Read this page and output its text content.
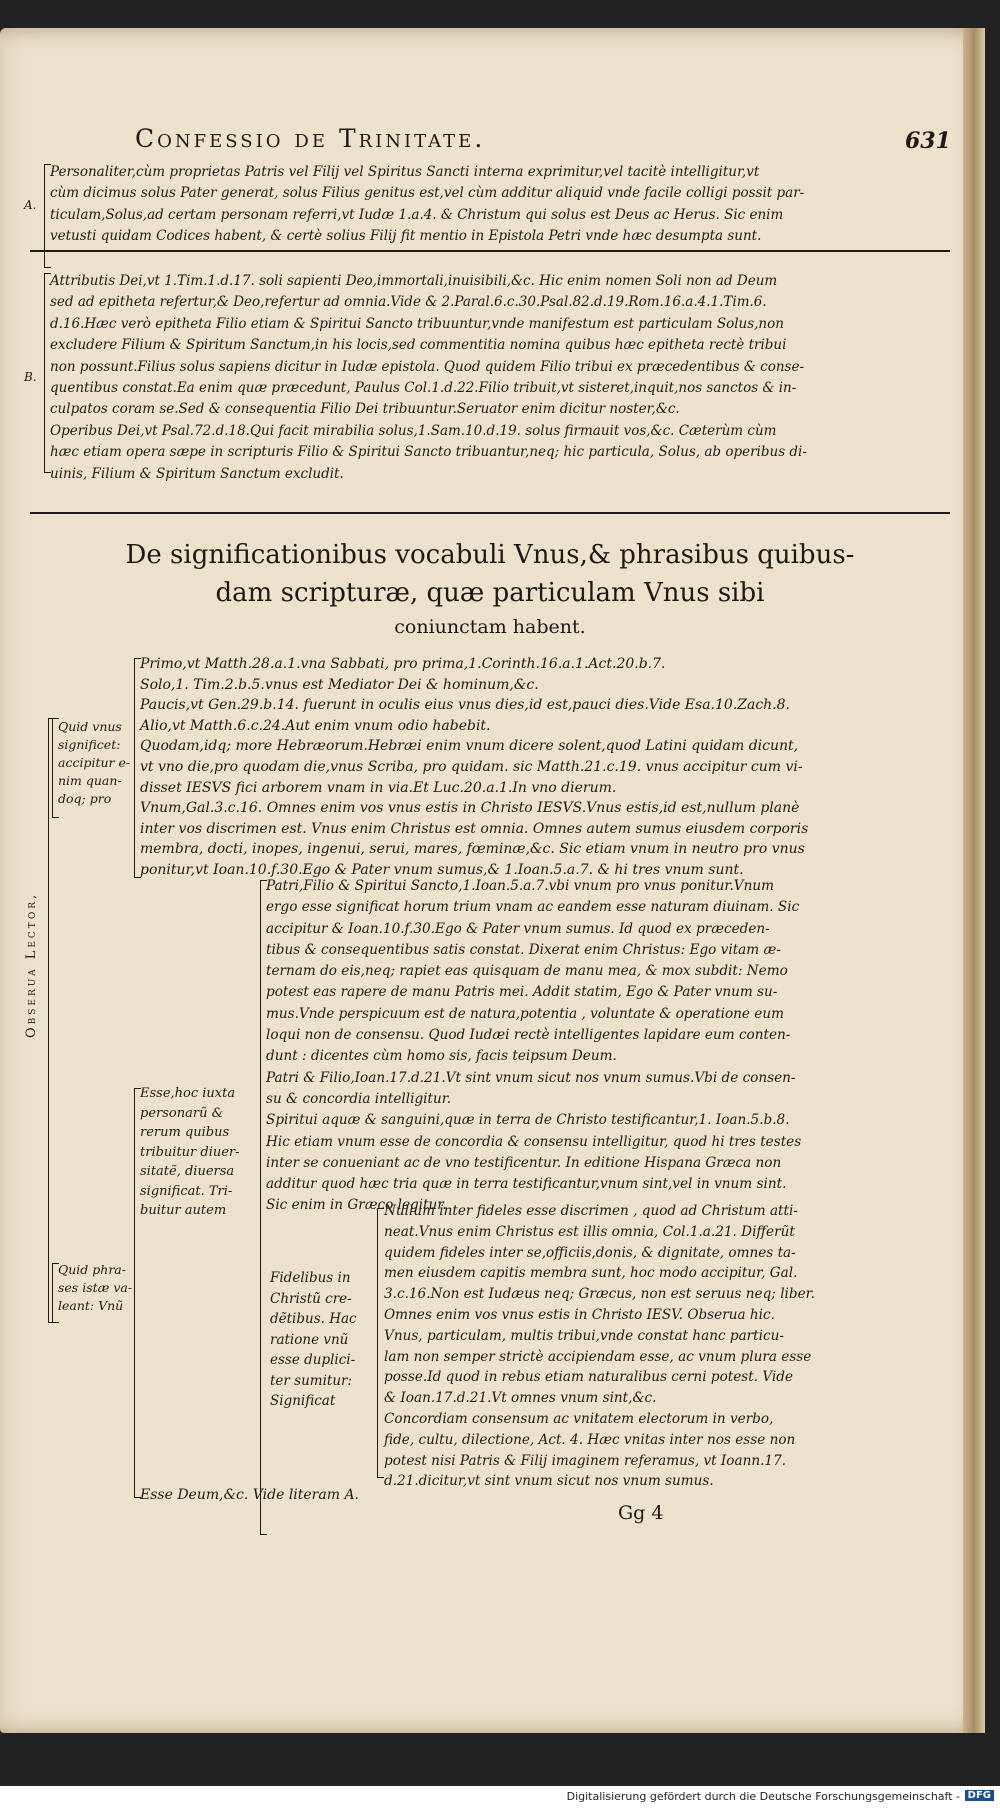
Confessio de Trinitate.	631
A.
Personaliter,cùm proprietas Patris vel Filij vel Spiritus Sancti interna exprimitur,vel tacitè intelligitur,vt
cùm dicimus solus Pater generat, solus Filius genitus est,vel cùm additur aliquid vnde facile colligi possit par-
ticulam,Solus,ad certam personam referri,vt Iudæ 1.a.4. & Christum qui solus est Deus ac Herus. Sic enim
vetusti quidam Codices habent, & certè solius Filij fit mentio in Epistola Petri vnde hæc desumpta sunt.
B.
Attributis Dei,vt 1.Tim.1.d.17. soli sapienti Deo,immortali,inuisibili,&c. Hic enim nomen Soli non ad Deum
sed ad epitheta refertur,& Deo,refertur ad omnia.Vide & 2.Paral.6.c.30.Psal.82.d.19.Rom.16.a.4.1.Tim.6.
d.16.Hæc verò epitheta Filio etiam & Spiritui Sancto tribuuntur,vnde manifestum est particulam Solus,non
excludere Filium & Spiritum Sanctum,in his locis,sed commentitia nomina quibus hæc epitheta rectè tribui
non possunt.Filius solus sapiens dicitur in Iudæ epistola. Quod quidem Filio tribui ex præcedentibus & conse-
quentibus constat.Ea enim quæ præcedunt, Paulus Col.1.d.22.Filio tribuit,vt sisteret,inquit,nos sanctos & in-
culpatos coram se.Sed & consequentia Filio Dei tribuuntur.Seruator enim dicitur noster,&c.
Operibus Dei,vt Psal.72.d.18.Qui facit mirabilia solus,1.Sam.10.d.19. solus firmauit vos,&c. Cæterùm cùm
hæc etiam opera sæpe in scripturis Filio & Spiritui Sancto tribuantur,neq; hic particula, Solus, ab operibus di-
uinis, Filium & Spiritum Sanctum excludit.
De significationibus vocabuli Vnus,& phrasibus quibus-
dam scripturæ, quæ particulam Vnus sibi
coniunctam habent.
Obserua Lector,
Quid vnus
significet:
accipitur e-
nim quan-
doq; pro
Primo,vt Matth.28.a.1.vna Sabbati, pro prima,1.Corinth.16.a.1.Act.20.b.7.
Solo,1. Tim.2.b.5.vnus est Mediator Dei & hominum,&c.
Paucis,vt Gen.29.b.14. fuerunt in oculis eius vnus dies,id est,pauci dies.Vide Esa.10.Zach.8.
Alio,vt Matth.6.c.24.Aut enim vnum odio habebit.
Quodam,idq; more Hebræorum.Hebræi enim vnum dicere solent,quod Latini quidam dicunt,
vt vno die,pro quodam die,vnus Scriba, pro quidam. sic Matth.21.c.19. vnus accipitur cum vi-
disset IESVS fici arborem vnam in via.Et Luc.20.a.1.In vno dierum.
Vnum,Gal.3.c.16. Omnes enim vos vnus estis in Christo IESVS.Vnus estis,id est,nullum planè
inter vos discrimen est. Vnus enim Christus est omnia. Omnes autem sumus eiusdem corporis
membra, docti, inopes, ingenui, serui, mares, fœminæ,&c. Sic etiam vnum in neutro pro vnus
ponitur,vt Ioan.10.f.30.Ego & Pater vnum sumus,& 1.Ioan.5.a.7. & hi tres vnum sunt.
Quid phra-
ses istæ va-
leant: Vnũ
Esse,hoc iuxta
personarũ &
rerum quibus
tribuitur diuer-
sitatẽ, diuersa
significat. Tri-
buitur autem
Patri,Filio & Spiritui Sancto,1.Ioan.5.a.7.vbi vnum pro vnus ponitur.Vnum
ergo esse significat horum trium vnam ac eandem esse naturam diuinam. Sic
accipitur & Ioan.10.f.30.Ego & Pater vnum sumus. Id quod ex præceden-
tibus & consequentibus satis constat. Dixerat enim Christus: Ego vitam æ-
ternam do eis,neq; rapiet eas quisquam de manu mea, & mox subdit: Nemo
potest eas rapere de manu Patris mei. Addit statim, Ego & Pater vnum su-
mus.Vnde perspicuum est de natura,potentia , voluntate & operatione eum
loqui non de consensu. Quod Iudæi rectè intelligentes lapidare eum conten-
dunt : dicentes cùm homo sis, facis teipsum Deum.
Patri & Filio,Ioan.17.d.21.Vt sint vnum sicut nos vnum sumus.Vbi de consen-
su & concordia intelligitur.
Spiritui aquæ & sanguini,quæ in terra de Christo testificantur,1. Ioan.5.b.8.
Hic etiam vnum esse de concordia & consensu intelligitur, quod hi tres testes
inter se conueniant ac de vno testificentur. In editione Hispana Græca non
additur quod hæc tria quæ in terra testificantur,vnum sint,vel in vnum sint.
Sic enim in Græco legitur.
Fidelibus in
Christũ cre-
dẽtibus. Hac
ratione vnũ
esse duplici-
ter sumitur:
Significat
Nullum inter fideles esse discrimen , quod ad Christum atti-
neat.Vnus enim Christus est illis omnia, Col.1.a.21. Differũt
quidem fideles inter se,officiis,donis, & dignitate, omnes ta-
men eiusdem capitis membra sunt, hoc modo accipitur, Gal.
3.c.16.Non est Iudæus neq; Græcus, non est seruus neq; liber.
Omnes enim vos vnus estis in Christo IESV. Obserua hic.
Vnus, particulam, multis tribui,vnde constat hanc particu-
lam non semper strictè accipiendam esse, ac vnum plura esse
posse.Id quod in rebus etiam naturalibus cerni potest. Vide
& Ioan.17.d.21.Vt omnes vnum sint,&c.
Concordiam consensum ac vnitatem electorum in verbo,
fide, cultu, dilectione, Act. 4. Hæc vnitas inter nos esse non
potest nisi Patris & Filij imaginem referamus, vt Ioann.17.
d.21.dicitur,vt sint vnum sicut nos vnum sumus.
Esse Deum,&c. Vide literam A.
Gg 4
Digitalisierung gefördert durch die Deutsche Forschungsgemeinschaft - DFG
